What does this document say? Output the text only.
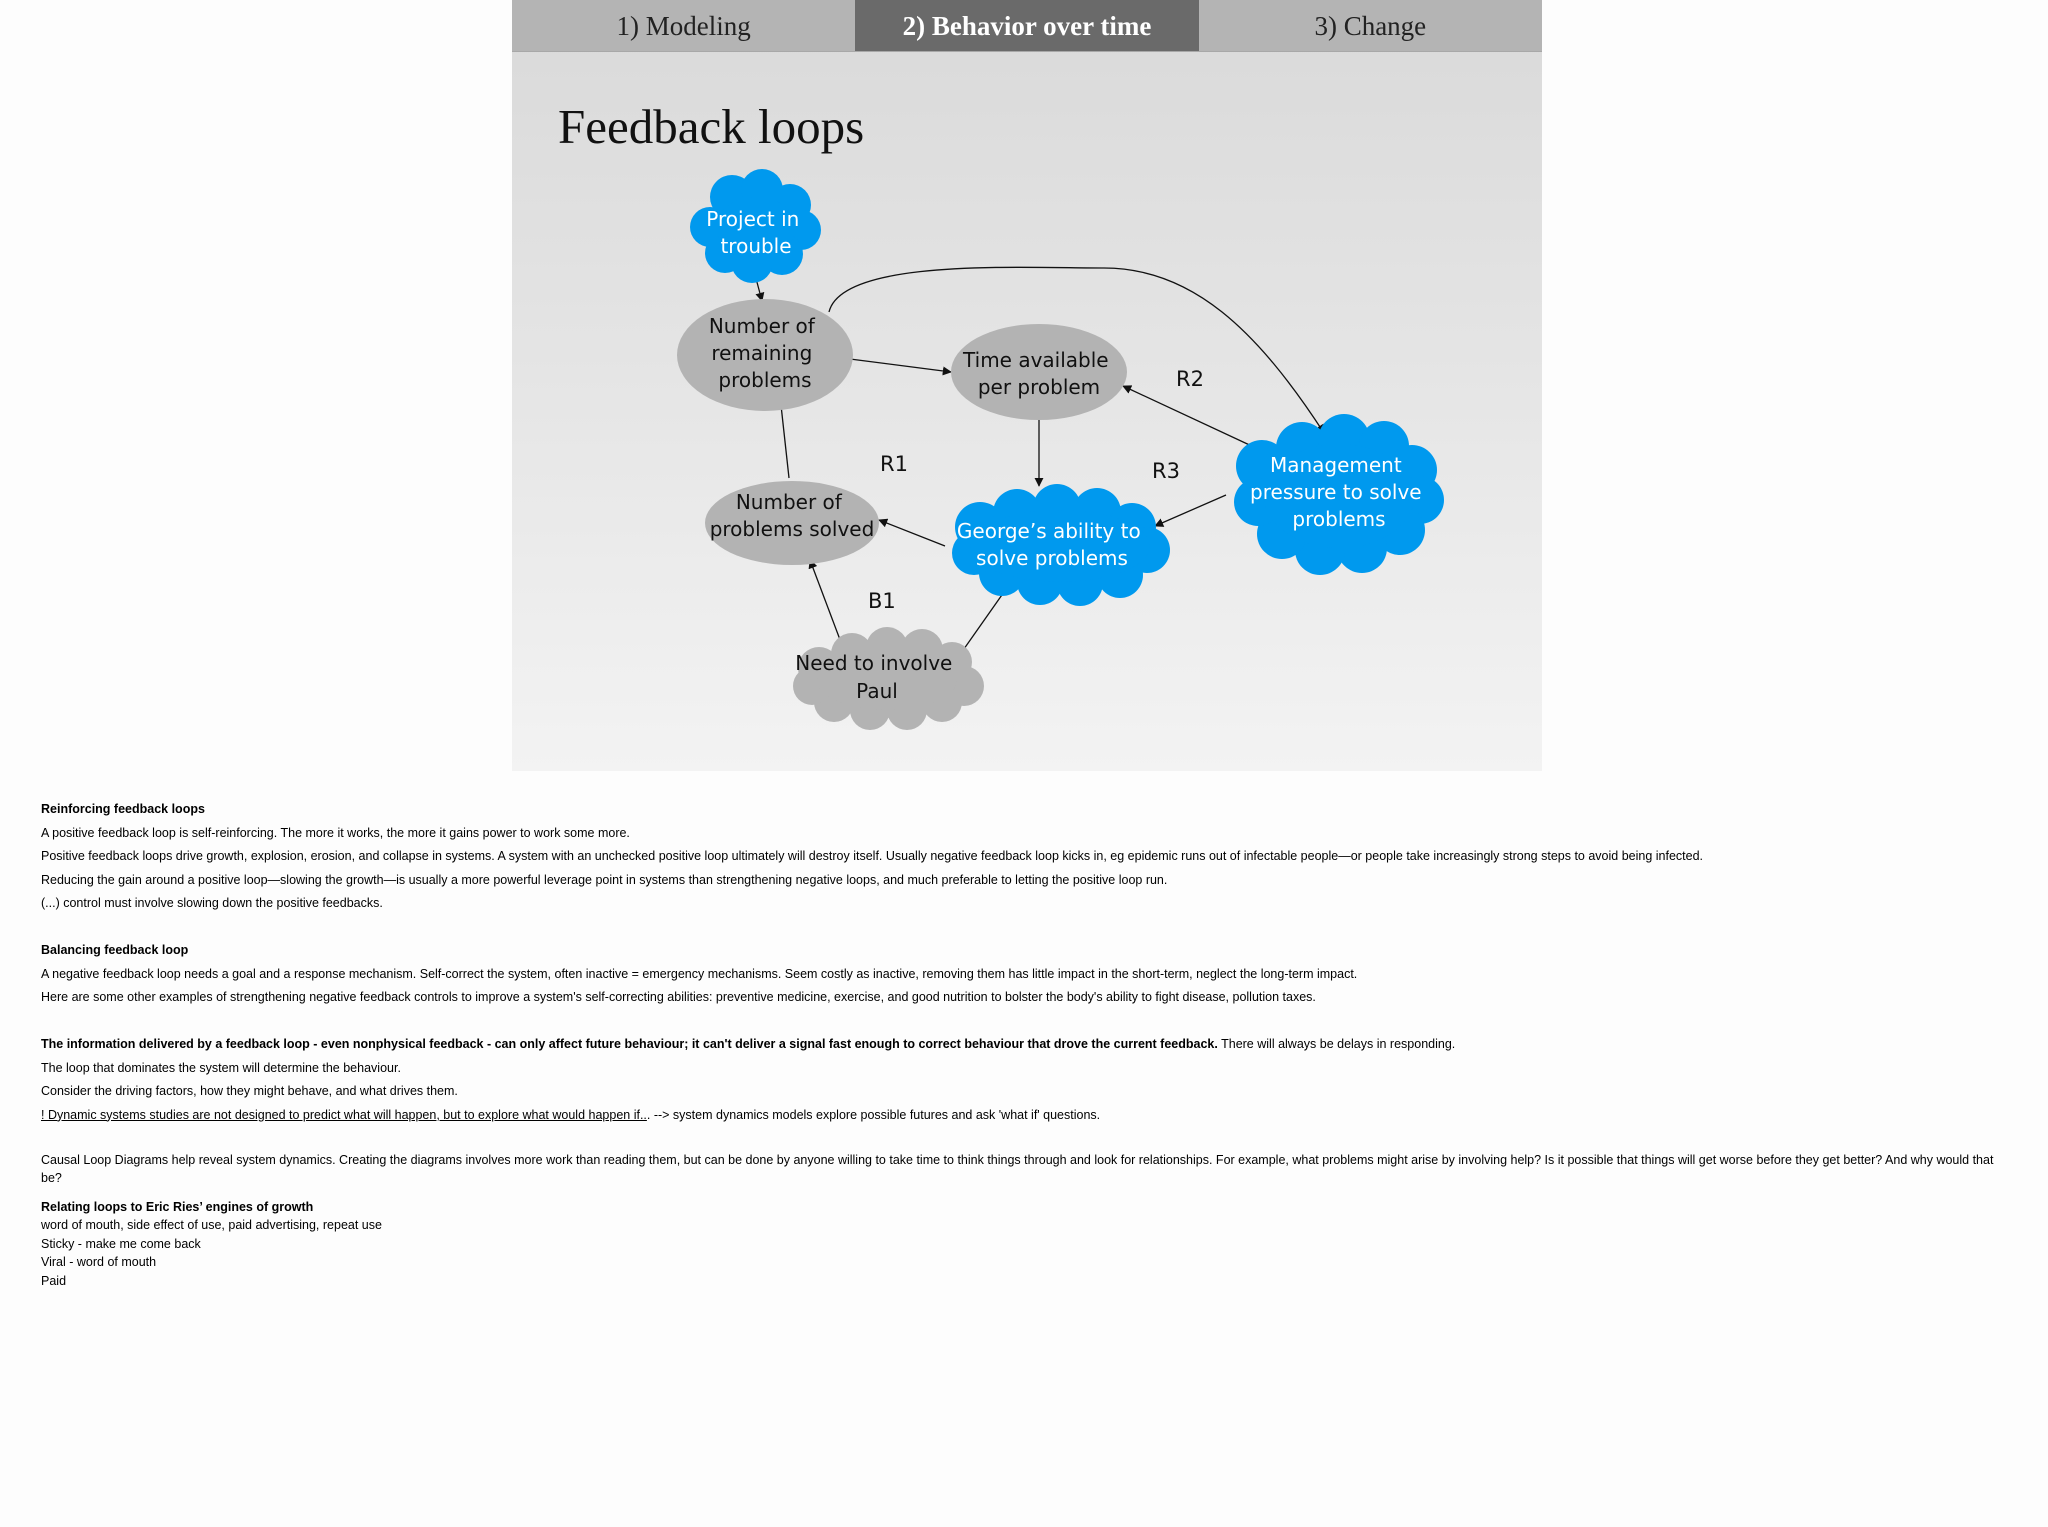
1) Modeling	2) Behavior over time	3) Change
Feedback loops
Project in trouble
Number of remaining problems
Time available per problem
Number of problems solved	George’s ability to solve problems
Management pressure to solve problems
Need to involve Paul
R1
R2
R3
B1

Reinforcing feedback loops

A positive feedback loop is self-reinforcing. The more it works, the more it gains power to work some more.

Positive feedback loops drive growth, explosion, erosion, and collapse in systems. A system with an unchecked positive loop ultimately will destroy itself. Usually negative feedback loop kicks in, eg epidemic runs out of infectable people—or people take increasingly strong steps to avoid being infected.

Reducing the gain around a positive loop—slowing the growth—is usually a more powerful leverage point in systems than strengthening negative loops, and much preferable to letting the positive loop run.

(...) control must involve slowing down the positive feedbacks.

Balancing feedback loop

A negative feedback loop needs a goal and a response mechanism. Self-correct the system, often inactive = emergency mechanisms. Seem costly as inactive, removing them has little impact in the short-term, neglect the long-term impact.

Here are some other examples of strengthening negative feedback controls to improve a system's self-correcting abilities: preventive medicine, exercise, and good nutrition to bolster the body's ability to fight disease, pollution taxes.

The information delivered by a feedback loop - even nonphysical feedback - can only affect future behaviour; it can't deliver a signal fast enough to correct behaviour that drove the current feedback. There will always be delays in responding.

The loop that dominates the system will determine the behaviour.

Consider the driving factors, how they might behave, and what drives them.

! Dynamic systems studies are not designed to predict what will happen, but to explore what would happen if... --> system dynamics models explore possible futures and ask 'what if' questions.

Causal Loop Diagrams help reveal system dynamics. Creating the diagrams involves more work than reading them, but can be done by anyone willing to take time to think things through and look for relationships. For example, what problems might arise by involving help? Is it possible that things will get worse before they get better? And why would that be?

Relating loops to Eric Ries’ engines of growth

word of mouth, side effect of use, paid advertising, repeat use

Sticky - make me come back

Viral - word of mouth

Paid
